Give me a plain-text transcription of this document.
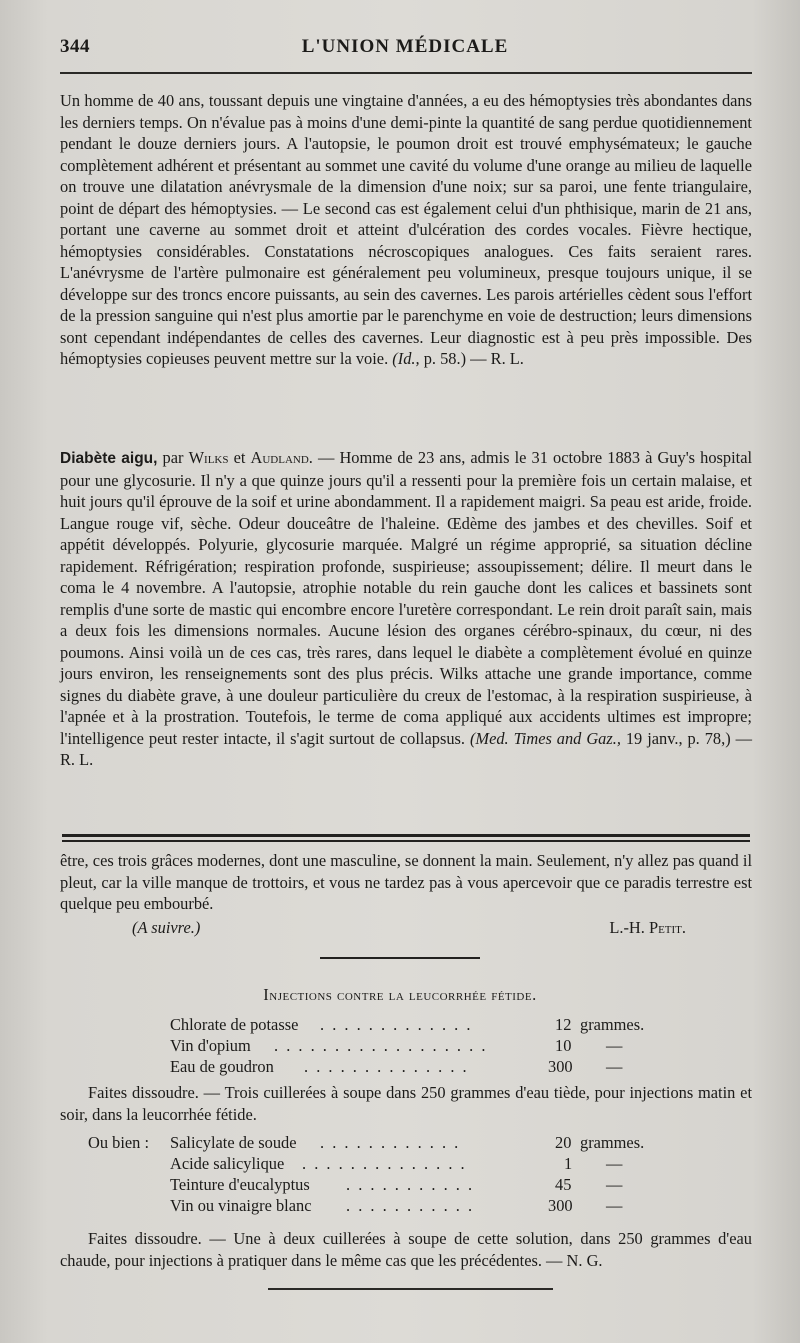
344	L'UNION MÉDICALE
Un homme de 40 ans, toussant depuis une vingtaine d'années, a eu des hémoptysies très abondantes dans les derniers temps. On n'évalue pas à moins d'une demi-pinte la quantité de sang perdue quotidiennement pendant le douze derniers jours. A l'autopsie, le poumon droit est trouvé emphysémateux; le gauche complètement adhérent et présentant au sommet une cavité du volume d'une orange au milieu de laquelle on trouve une dilatation anévrysmale de la dimension d'une noix; sur sa paroi, une fente triangulaire, point de départ des hémoptysies. — Le second cas est également celui d'un phthisique, marin de 21 ans, portant une caverne au sommet droit et atteint d'ulcération des cordes vocales. Fièvre hectique, hémoptysies considérables. Constatations nécroscopiques analogues. Ces faits seraient rares. L'anévrysme de l'artère pulmonaire est généralement peu volumineux, presque toujours unique, il se développe sur des troncs encore puissants, au sein des cavernes. Les parois artérielles cèdent sous l'effort de la pression sanguine qui n'est plus amortie par le parenchyme en voie de destruction; leurs dimensions sont cependant indépendantes de celles des cavernes. Leur diagnostic est à peu près impossible. Des hémoptysies copieuses peuvent mettre sur la voie. (Id., p. 58.) — R. L.
Diabète aigu, par Wilks et Audland. — Homme de 23 ans, admis le 31 octobre 1883 à Guy's hospital pour une glycosurie. Il n'y a que quinze jours qu'il a ressenti pour la première fois un certain malaise, et huit jours qu'il éprouve de la soif et urine abondamment. Il a rapidement maigri. Sa peau est aride, froide. Langue rouge vif, sèche. Odeur douceâtre de l'haleine. Œdème des jambes et des chevilles. Soif et appétit développés. Polyurie, glycosurie marquée. Malgré un régime approprié, sa situation décline rapidement. Réfrigération; respiration profonde, suspirieuse; assoupissement; délire. Il meurt dans le coma le 4 novembre. A l'autopsie, atrophie notable du rein gauche dont les calices et bassinets sont remplis d'une sorte de mastic qui encombre encore l'uretère correspondant. Le rein droit paraît sain, mais a deux fois les dimensions normales. Aucune lésion des organes cérébro-spinaux, du cœur, ni des poumons. Ainsi voilà un de ces cas, très rares, dans lequel le diabète a complètement évolué en quinze jours environ, les renseignements sont des plus précis. Wilks attache une grande importance, comme signes du diabète grave, à une douleur particulière du creux de l'estomac, à la respiration suspirieuse, à l'apnée et à la prostration. Toutefois, le terme de coma appliqué aux accidents ultimes est impropre; l'intelligence peut rester intacte, il s'agit surtout de collapsus. (Med. Times and Gaz., 19 janv., p. 78,) — R. L.
être, ces trois grâces modernes, dont une masculine, se donnent la main. Seulement, n'y allez pas quand il pleut, car la ville manque de trottoirs, et vous ne tardez pas à vous apercevoir que ce paradis terrestre est quelque peu embourbé.
(A suivre.)	L.-H. Petit.
Injections contre la leucorrhée fétide.
Chlorate de potasse . . . . . . . . . . . . .	12 grammes.
Vin d'opium . . . . . . . . . . . . . . . . . .	10 —
Eau de goudron . . . . . . . . . . . . . .	300 —
Faites dissoudre. — Trois cuillerées à soupe dans 250 grammes d'eau tiède, pour injections matin et soir, dans la leucorrhée fétide.
Ou bien : Salicylate de soude . . . . . . . . . . . .	20 grammes.
Acide salicylique . . . . . . . . . . . . . .	1 —
Teinture d'eucalyptus . . . . . . . . . . .	45 —
Vin ou vinaigre blanc . . . . . . . . . . .	300 —
Faites dissoudre. — Une à deux cuillerées à soupe de cette solution, dans 250 grammes d'eau chaude, pour injections à pratiquer dans le même cas que les précédentes. — N. G.
